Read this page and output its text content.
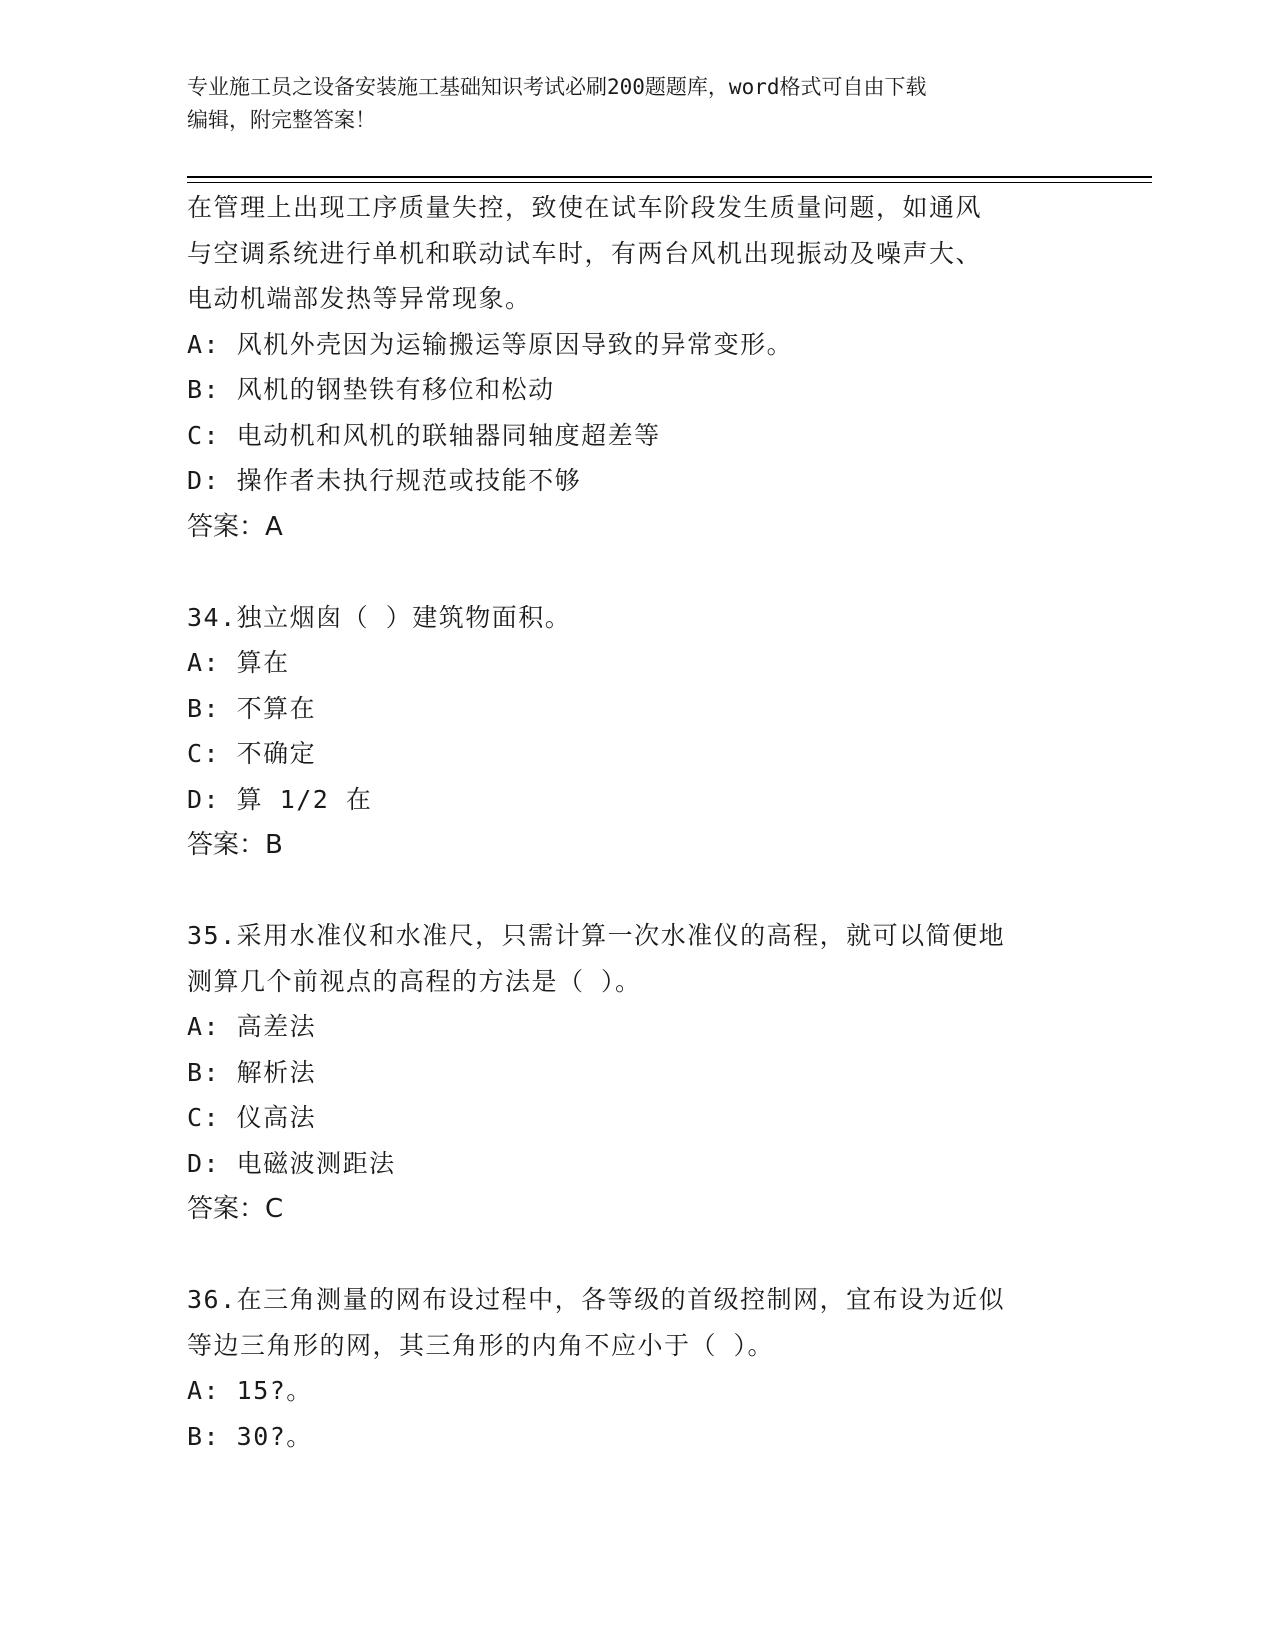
专业施工员之设备安装施工基础知识考试必刷200题题库，word格式可自由下载
编辑，附完整答案！
在管理上出现工序质量失控，致使在试车阶段发生质量问题，如通风
与空调系统进行单机和联动试车时，有两台风机出现振动及噪声大、
电动机端部发热等异常现象。
A: 风机外壳因为运输搬运等原因导致的异常变形。
B: 风机的钢垫铁有移位和松动
C: 电动机和风机的联轴器同轴度超差等
D: 操作者未执行规范或技能不够
答案：A
34.独立烟囱（ ）建筑物面积。
A: 算在
B: 不算在
C: 不确定
D: 算 1/2 在
答案：B
35.采用水准仪和水准尺，只需计算一次水准仪的高程，就可以简便地
测算几个前视点的高程的方法是（ ）。
A: 高差法
B: 解析法
C: 仪高法
D: 电磁波测距法
答案：C
36.在三角测量的网布设过程中，各等级的首级控制网，宜布设为近似
等边三角形的网，其三角形的内角不应小于（ ）。
A: 15?。
B: 30?。
